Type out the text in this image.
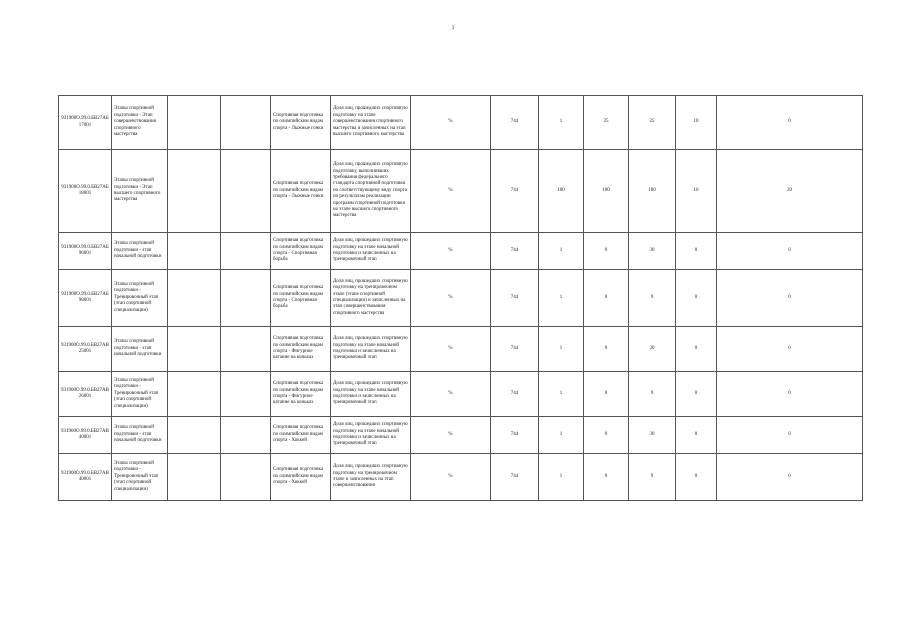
3
931900O.99.0.БВ27АБ17001	Этапы спортивной подготовки - Этап совершенствования спортивного мастерства			Спортивная подготовка по олимпийским видам спорта - Лыжные гонки	Доля лиц, прошедших спортивную подготовку на этапе совершенствования спортивного мастерства и зачисленных на этап высшего спортивного мастерства	%	744	1	25	25	10	0
931900O.99.0.БВ27АБ18001	Этапы спортивной подготовки - Этап высшего спортивного мастерства			Спортивная подготовка по олимпийским видам спорта - Лыжные гонки	Доля лиц, прошедших спортивную подготовку, выполнивших требования федерального стандарта спортивной подготовки по соответствующему виду спорта по результатам реализации программ спортивной подготовки на этапе высшего спортивного мастерства	%	744	100	100	100	10	20
931900O.99.0.БВ27АБ96001	Этапы спортивной подготовки - этап начальной подготовки			Спортивная подготовка по олимпийским видам спорта - Спортивная борьба	Доля лиц, прошедших спортивную подготовку на этапе начальной подготовки и зачисленных на тренировочный этап	%	744	1	0	30	0	0
931900O.99.0.БВ27АБ98001	Этапы спортивной подготовки - Тренировочный этап (этап спортивной специализации)			Спортивная подготовка по олимпийским видам спорта - Спортивная борьба	Доля лиц, прошедших спортивную подготовку на тренировочном этапе (этапе спортивной специализации) и зачисленных на этап совершенствования спортивного мастерства	%	744	1	0	9	0	0
931900O.99.0.БВ27АВ25001	Этапы спортивной подготовки - этап начальной подготовки			Спортивная подготовка по олимпийским видам спорта - Фигурное катание на коньках	Доля лиц, прошедших спортивную подготовку на этапе начальной подготовки и зачисленных на тренировочный этап	%	744	1	0	30	0	0
931900O.99.0.БВ27АВ26001	Этапы спортивной подготовки - Тренировочный этап (этап спортивной специализации)			Спортивная подготовка по олимпийским видам спорта - Фигурное катание на коньках	Доля лиц, прошедших спортивную подготовку на этапе начальной подготовки и зачисленных на тренировочный этап	%	744	1	0	9	0	0
931900O.99.0.БВ27АВ40001	Этапы спортивной подготовки - этап начальной подготовки			Спортивная подготовка по олимпийским видам спорта - Хоккей	Доля лиц, прошедших спортивную подготовку на этапе начальной подготовки и зачисленных на тренировочный этап	%	744	1	0	30	0	0
931900O.99.0.БВ27АВ40001	Этапы спортивной подготовки - Тренировочный этап (этап спортивной специализации)			Спортивная подготовка по олимпийским видам спорта - Хоккей	Доля лиц, прошедших спортивную подготовку на тренировочном этапе и зачисленных на этап совершенствования	%	744	1	0	9	0	0
